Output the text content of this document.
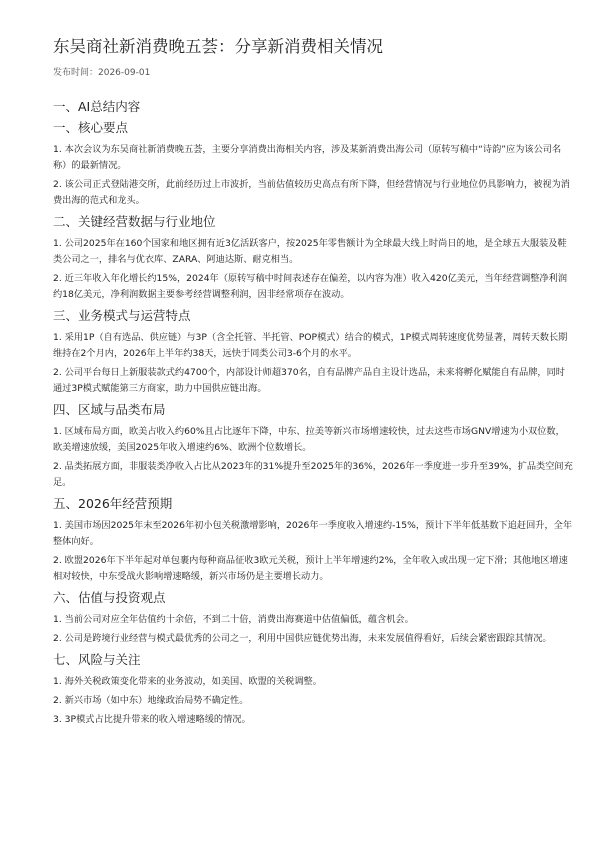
东吴商社新消费晚五荟：分享新消费相关情况
发布时间：2026-09-01
一、AI总结内容
一、核心要点

1. 本次会议为东吴商社新消费晚五荟，主要分享消费出海相关内容，涉及某新消费出海公司（原转写稿中“诗韵”应为该公司名称）的最新情况。

2. 该公司正式登陆港交所，此前经历过上市波折，当前估值较历史高点有所下降，但经营情况与行业地位仍具影响力，被视为消费出海的范式和龙头。

二、关键经营数据与行业地位

1. 公司2025年在160个国家和地区拥有近3亿活跃客户，按2025年零售额计为全球最大线上时尚日的地，是全球五大服装及鞋类公司之一，排名与优衣库、ZARA、阿迪达斯、耐克相当。

2. 近三年收入年化增长约15%，2024年（原转写稿中时间表述存在偏差，以内容为准）收入420亿美元，当年经营调整净利润约18亿美元，净利润数据主要参考经营调整利润，因非经常项存在波动。

三、业务模式与运营特点

1. 采用1P（自有选品、供应链）与3P（含全托管、半托管、POP模式）结合的模式，1P模式周转速度优势显著，周转天数长期维持在2个月内，2026年上半年约38天，远快于同类公司3-6个月的水平。

2. 公司平台每日上新服装款式约4700个，内部设计师超370名，自有品牌产品自主设计选品，未来将孵化赋能自有品牌，同时通过3P模式赋能第三方商家，助力中国供应链出海。

四、区域与品类布局

1. 区域布局方面，欧美占收入约60%且占比逐年下降，中东、拉美等新兴市场增速较快，过去这些市场GNV增速为小双位数，欧美增速放缓，美国2025年收入增速约6%、欧洲个位数增长。

2. 品类拓展方面，非服装类净收入占比从2023年的31%提升至2025年的36%，2026年一季度进一步升至39%，扩品类空间充足。

五、2026年经营预期

1. 美国市场因2025年末至2026年初小包关税激增影响，2026年一季度收入增速约-15%，预计下半年低基数下追赶回升，全年整体向好。

2. 欧盟2026年下半年起对单包裹内每种商品征收3欧元关税，预计上半年增速约2%，全年收入或出现一定下滑；其他地区增速相对较快，中东受战火影响增速略缓，新兴市场仍是主要增长动力。

六、估值与投资观点

1. 当前公司对应全年估值约十余倍，不到二十倍，消费出海赛道中估值偏低，蕴含机会。

2. 公司是跨境行业经营与模式最优秀的公司之一，利用中国供应链优势出海，未来发展值得看好，后续会紧密跟踪其情况。

七、风险与关注

1. 海外关税政策变化带来的业务波动，如美国、欧盟的关税调整。

2. 新兴市场（如中东）地缘政治局势不确定性。

3. 3P模式占比提升带来的收入增速略缓的情况。
